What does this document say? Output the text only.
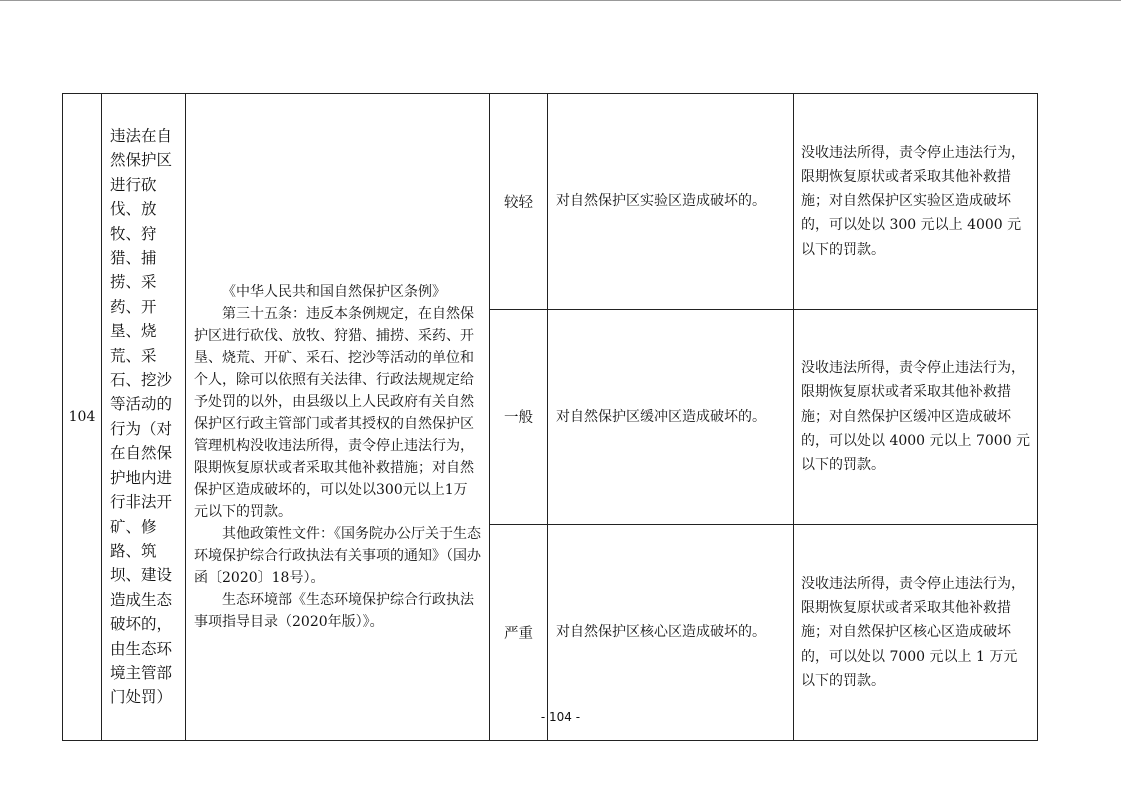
104	违法在自然保护区进行砍伐、放牧、狩猎、捕捞、采药、开垦、烧荒、采石、挖沙等活动的行为（对在自然保护地内进行非法开矿、修路、筑坝、建设造成生态破坏的，由生态环境主管部门处罚）	《中华人民共和国自然保护区条例》

第三十五条：违反本条例规定，在自然保护区进行砍伐、放牧、狩猎、捕捞、采药、开垦、烧荒、开矿、采石、挖沙等活动的单位和个人，除可以依照有关法律、行政法规规定给予处罚的以外，由县级以上人民政府有关自然保护区行政主管部门或者其授权的自然保护区管理机构没收违法所得，责令停止违法行为，限期恢复原状或者采取其他补救措施；对自然保护区造成破坏的，可以处以300元以上1万元以下的罚款。

其他政策性文件：《国务院办公厅关于生态环境保护综合行政执法有关事项的通知》（国办函〔2020〕18号）。

生态环境部《生态环境保护综合行政执法事项指导目录（2020年版）》。	较轻	对自然保护区实验区造成破坏的。	没收违法所得，责令停止违法行为，限期恢复原状或者采取其他补救措施；对自然保护区实验区造成破坏的，可以处以 300 元以上 4000 元以下的罚款。
			一般	对自然保护区缓冲区造成破坏的。	没收违法所得，责令停止违法行为，限期恢复原状或者采取其他补救措施；对自然保护区缓冲区造成破坏的，可以处以 4000 元以上 7000 元以下的罚款。
			严重	对自然保护区核心区造成破坏的。	没收违法所得，责令停止违法行为，限期恢复原状或者采取其他补救措施；对自然保护区核心区造成破坏的，可以处以 7000 元以上 1 万元以下的罚款。
- 104 -
